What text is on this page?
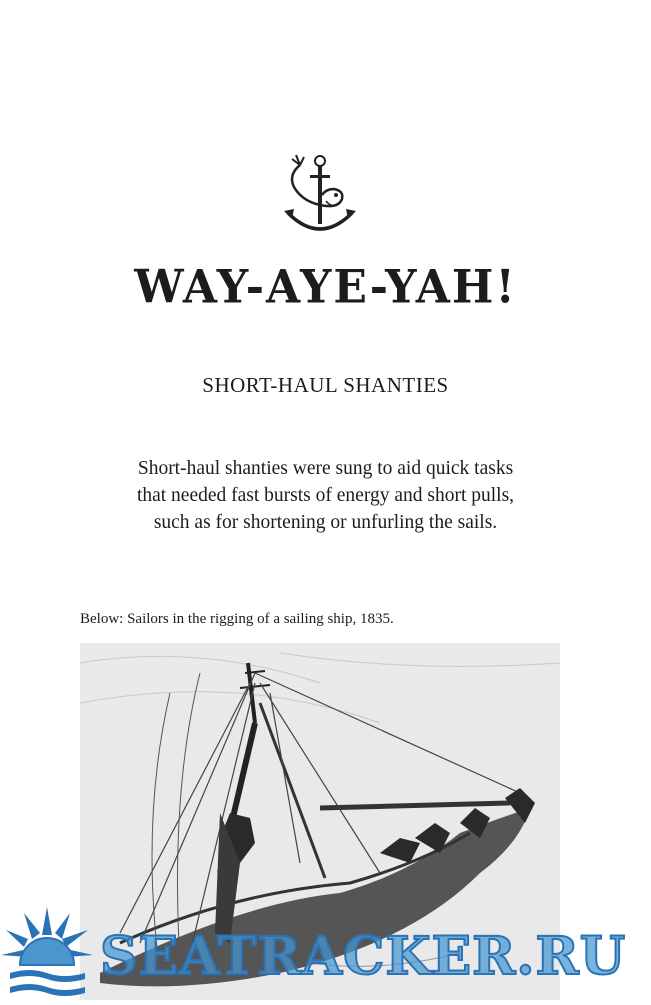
WAY-AYE-YAH!
SHORT-HAUL SHANTIES

Short-haul shanties were sung to aid quick tasks
that needed fast bursts of energy and short pulls,
such as for shortening or unfurling the sails.

Below: Sailors in the rigging of a sailing ship, 1835.

SEATRACKER.RU
